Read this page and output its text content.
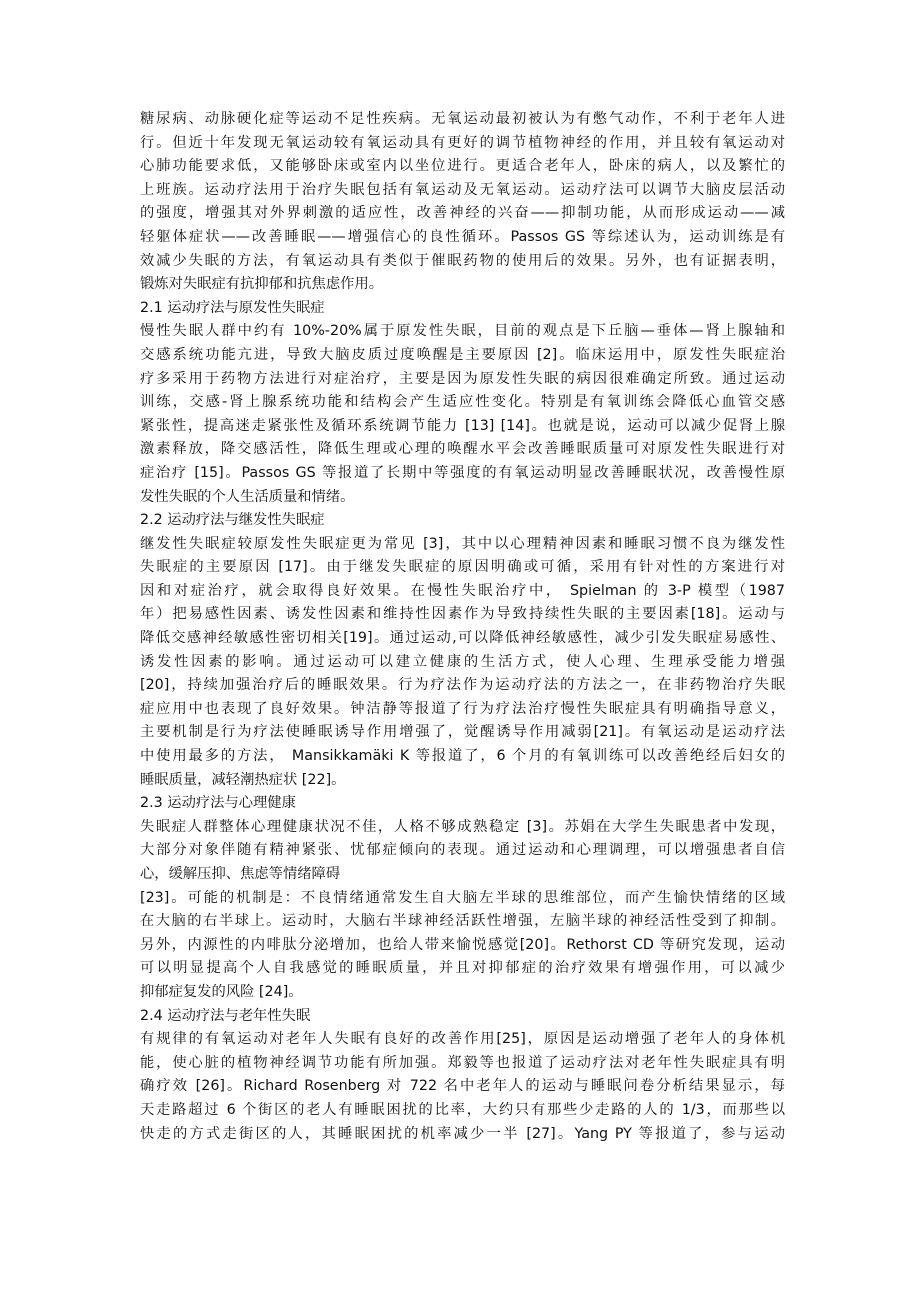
糖尿病、动脉硬化症等运动不足性疾病。无氧运动最初被认为有憋气动作，不利于老年人进
行。但近十年发现无氧运动较有氧运动具有更好的调节植物神经的作用，并且较有氧运动对
心肺功能要求低，又能够卧床或室内以坐位进行。更适合老年人，卧床的病人，以及繁忙的
上班族。运动疗法用于治疗失眠包括有氧运动及无氧运动。运动疗法可以调节大脑皮层活动
的强度，增强其对外界刺激的适应性，改善神经的兴奋——抑制功能，从而形成运动——减
轻躯体症状——改善睡眠——增强信心的良性循环。Passos GS 等综述认为，运动训练是有
效减少失眠的方法，有氧运动具有类似于催眠药物的使用后的效果。另外，也有证据表明，
锻炼对失眠症有抗抑郁和抗焦虑作用。
2.1 运动疗法与原发性失眠症
慢性失眠人群中约有 10%-20%属于原发性失眠，目前的观点是下丘脑—垂体—肾上腺轴和
交感系统功能亢进，导致大脑皮质过度唤醒是主要原因 [2]。临床运用中，原发性失眠症治
疗多采用于药物方法进行对症治疗，主要是因为原发性失眠的病因很难确定所致。通过运动
训练，交感-肾上腺系统功能和结构会产生适应性变化。特别是有氧训练会降低心血管交感
紧张性，提高迷走紧张性及循环系统调节能力 [13] [14]。也就是说，运动可以减少促肾上腺
激素释放，降交感活性，降低生理或心理的唤醒水平会改善睡眠质量可对原发性失眠进行对
症治疗 [15]。Passos GS 等报道了长期中等强度的有氧运动明显改善睡眠状况，改善慢性原
发性失眠的个人生活质量和情绪。
2.2 运动疗法与继发性失眠症
继发性失眠症较原发性失眠症更为常见 [3]，其中以心理精神因素和睡眠习惯不良为继发性
失眠症的主要原因 [17]。由于继发失眠症的原因明确或可循，采用有针对性的方案进行对
因和对症治疗，就会取得良好效果。在慢性失眠治疗中， Spielman 的 3-P 模型（1987
年）把易感性因素、诱发性因素和维持性因素作为导致持续性失眠的主要因素[18]。运动与
降低交感神经敏感性密切相关[19]。通过运动,可以降低神经敏感性，减少引发失眠症易感性、
诱发性因素的影响。通过运动可以建立健康的生活方式，使人心理、生理承受能力增强
[20]，持续加强治疗后的睡眠效果。行为疗法作为运动疗法的方法之一，在非药物治疗失眠
症应用中也表现了良好效果。钟洁静等报道了行为疗法治疗慢性失眠症具有明确指导意义，
主要机制是行为疗法使睡眠诱导作用增强了，觉醒诱导作用减弱[21]。有氧运动是运动疗法
中使用最多的方法， Mansikkamäki K 等报道了，6 个月的有氧训练可以改善绝经后妇女的
睡眠质量，减轻潮热症状 [22]。
2.3 运动疗法与心理健康
失眠症人群整体心理健康状况不佳，人格不够成熟稳定 [3]。苏娟在大学生失眠患者中发现，
大部分对象伴随有精神紧张、忧郁症倾向的表现。通过运动和心理调理，可以增强患者自信
心，缓解压抑、焦虑等情绪障碍
[23]。可能的机制是：不良情绪通常发生自大脑左半球的思维部位，而产生愉快情绪的区域
在大脑的右半球上。运动时，大脑右半球神经活跃性增强，左脑半球的神经活性受到了抑制。
另外，内源性的内啡肽分泌增加，也给人带来愉悦感觉[20]。Rethorst CD 等研究发现，运动
可以明显提高个人自我感觉的睡眠质量，并且对抑郁症的治疗效果有增强作用，可以减少
抑郁症复发的风险 [24]。
2.4 运动疗法与老年性失眠
有规律的有氧运动对老年人失眠有良好的改善作用[25]，原因是运动增强了老年人的身体机
能，使心脏的植物神经调节功能有所加强。郑毅等也报道了运动疗法对老年性失眠症具有明
确疗效 [26]。Richard Rosenberg 对 722 名中老年人的运动与睡眠问卷分析结果显示，每
天走路超过 6 个街区的老人有睡眠困扰的比率，大约只有那些少走路的人的 1/3，而那些以
快走的方式走街区的人，其睡眠困扰的机率减少一半 [27]。Yang PY 等报道了，参与运动
